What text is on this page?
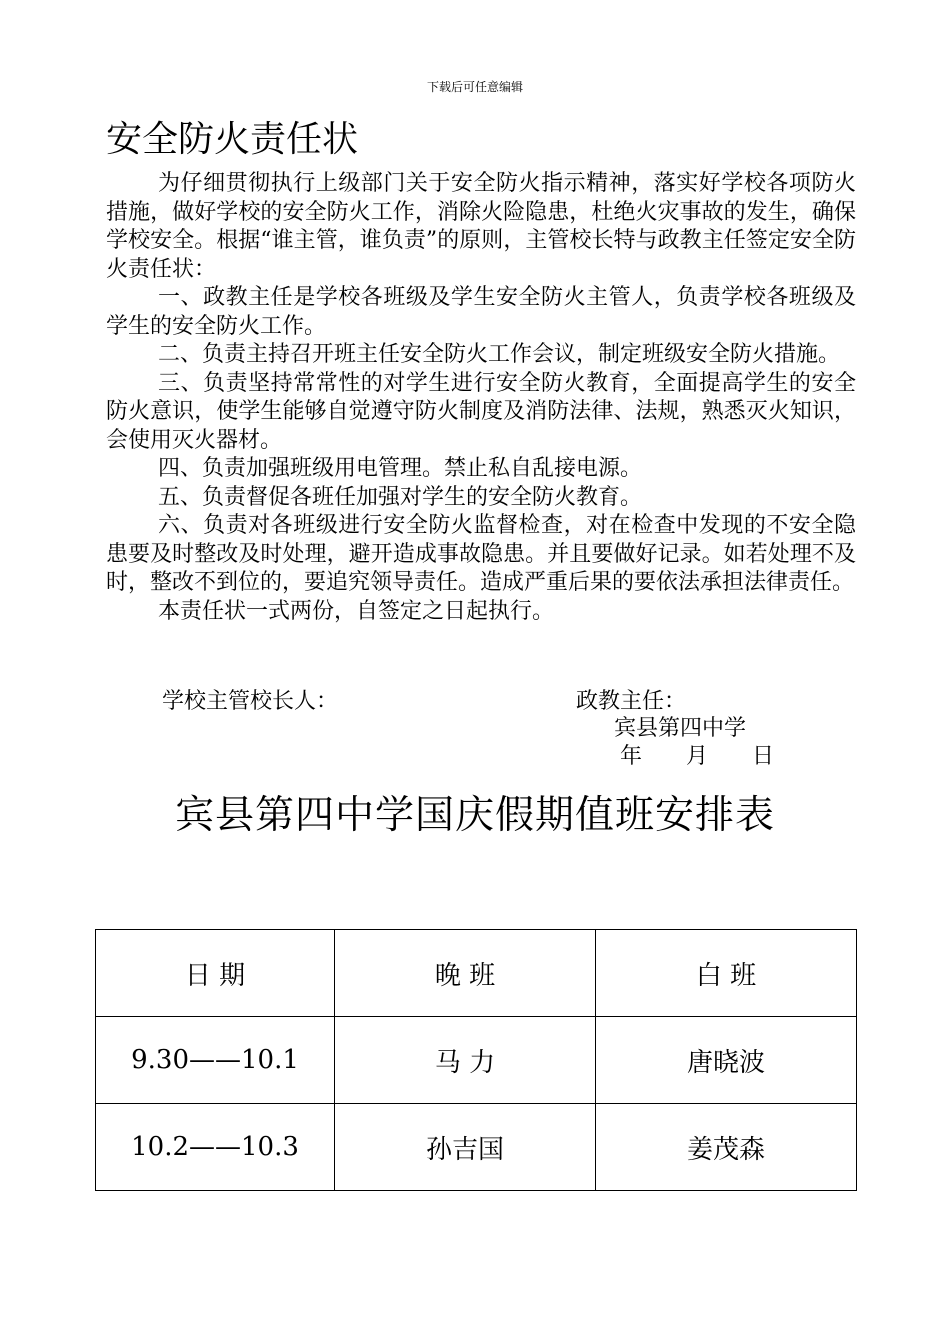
下载后可任意编辑
安全防火责任状

为仔细贯彻执行上级部门关于安全防火指示精神，落实好学校各项防火措施，做好学校的安全防火工作，消除火险隐患，杜绝火灾事故的发生，确保学校安全。根据“谁主管，谁负责”的原则，主管校长特与政教主任签定安全防火责任状：

一、政教主任是学校各班级及学生安全防火主管人，负责学校各班级及学生的安全防火工作。

二、负责主持召开班主任安全防火工作会议，制定班级安全防火措施。

三、负责坚持常常性的对学生进行安全防火教育，全面提高学生的安全防火意识，使学生能够自觉遵守防火制度及消防法律、法规，熟悉灭火知识，会使用灭火器材。

四、负责加强班级用电管理。禁止私自乱接电源。

五、负责督促各班任加强对学生的安全防火教育。

六、负责对各班级进行安全防火监督检查，对在检查中发现的不安全隐患要及时整改及时处理，避开造成事故隐患。并且要做好记录。如若处理不及时，整改不到位的，要追究领导责任。造成严重后果的要依法承担法律责任。

本责任状一式两份，自签定之日起执行。

学校主管校长人：	政教主任：
宾县第四中学
年 月 日
宾县第四中学国庆假期值班安排表
日 期	晚 班	白 班
9.30——10.1	马 力	唐晓波
10.2——10.3	孙吉国	姜茂森
